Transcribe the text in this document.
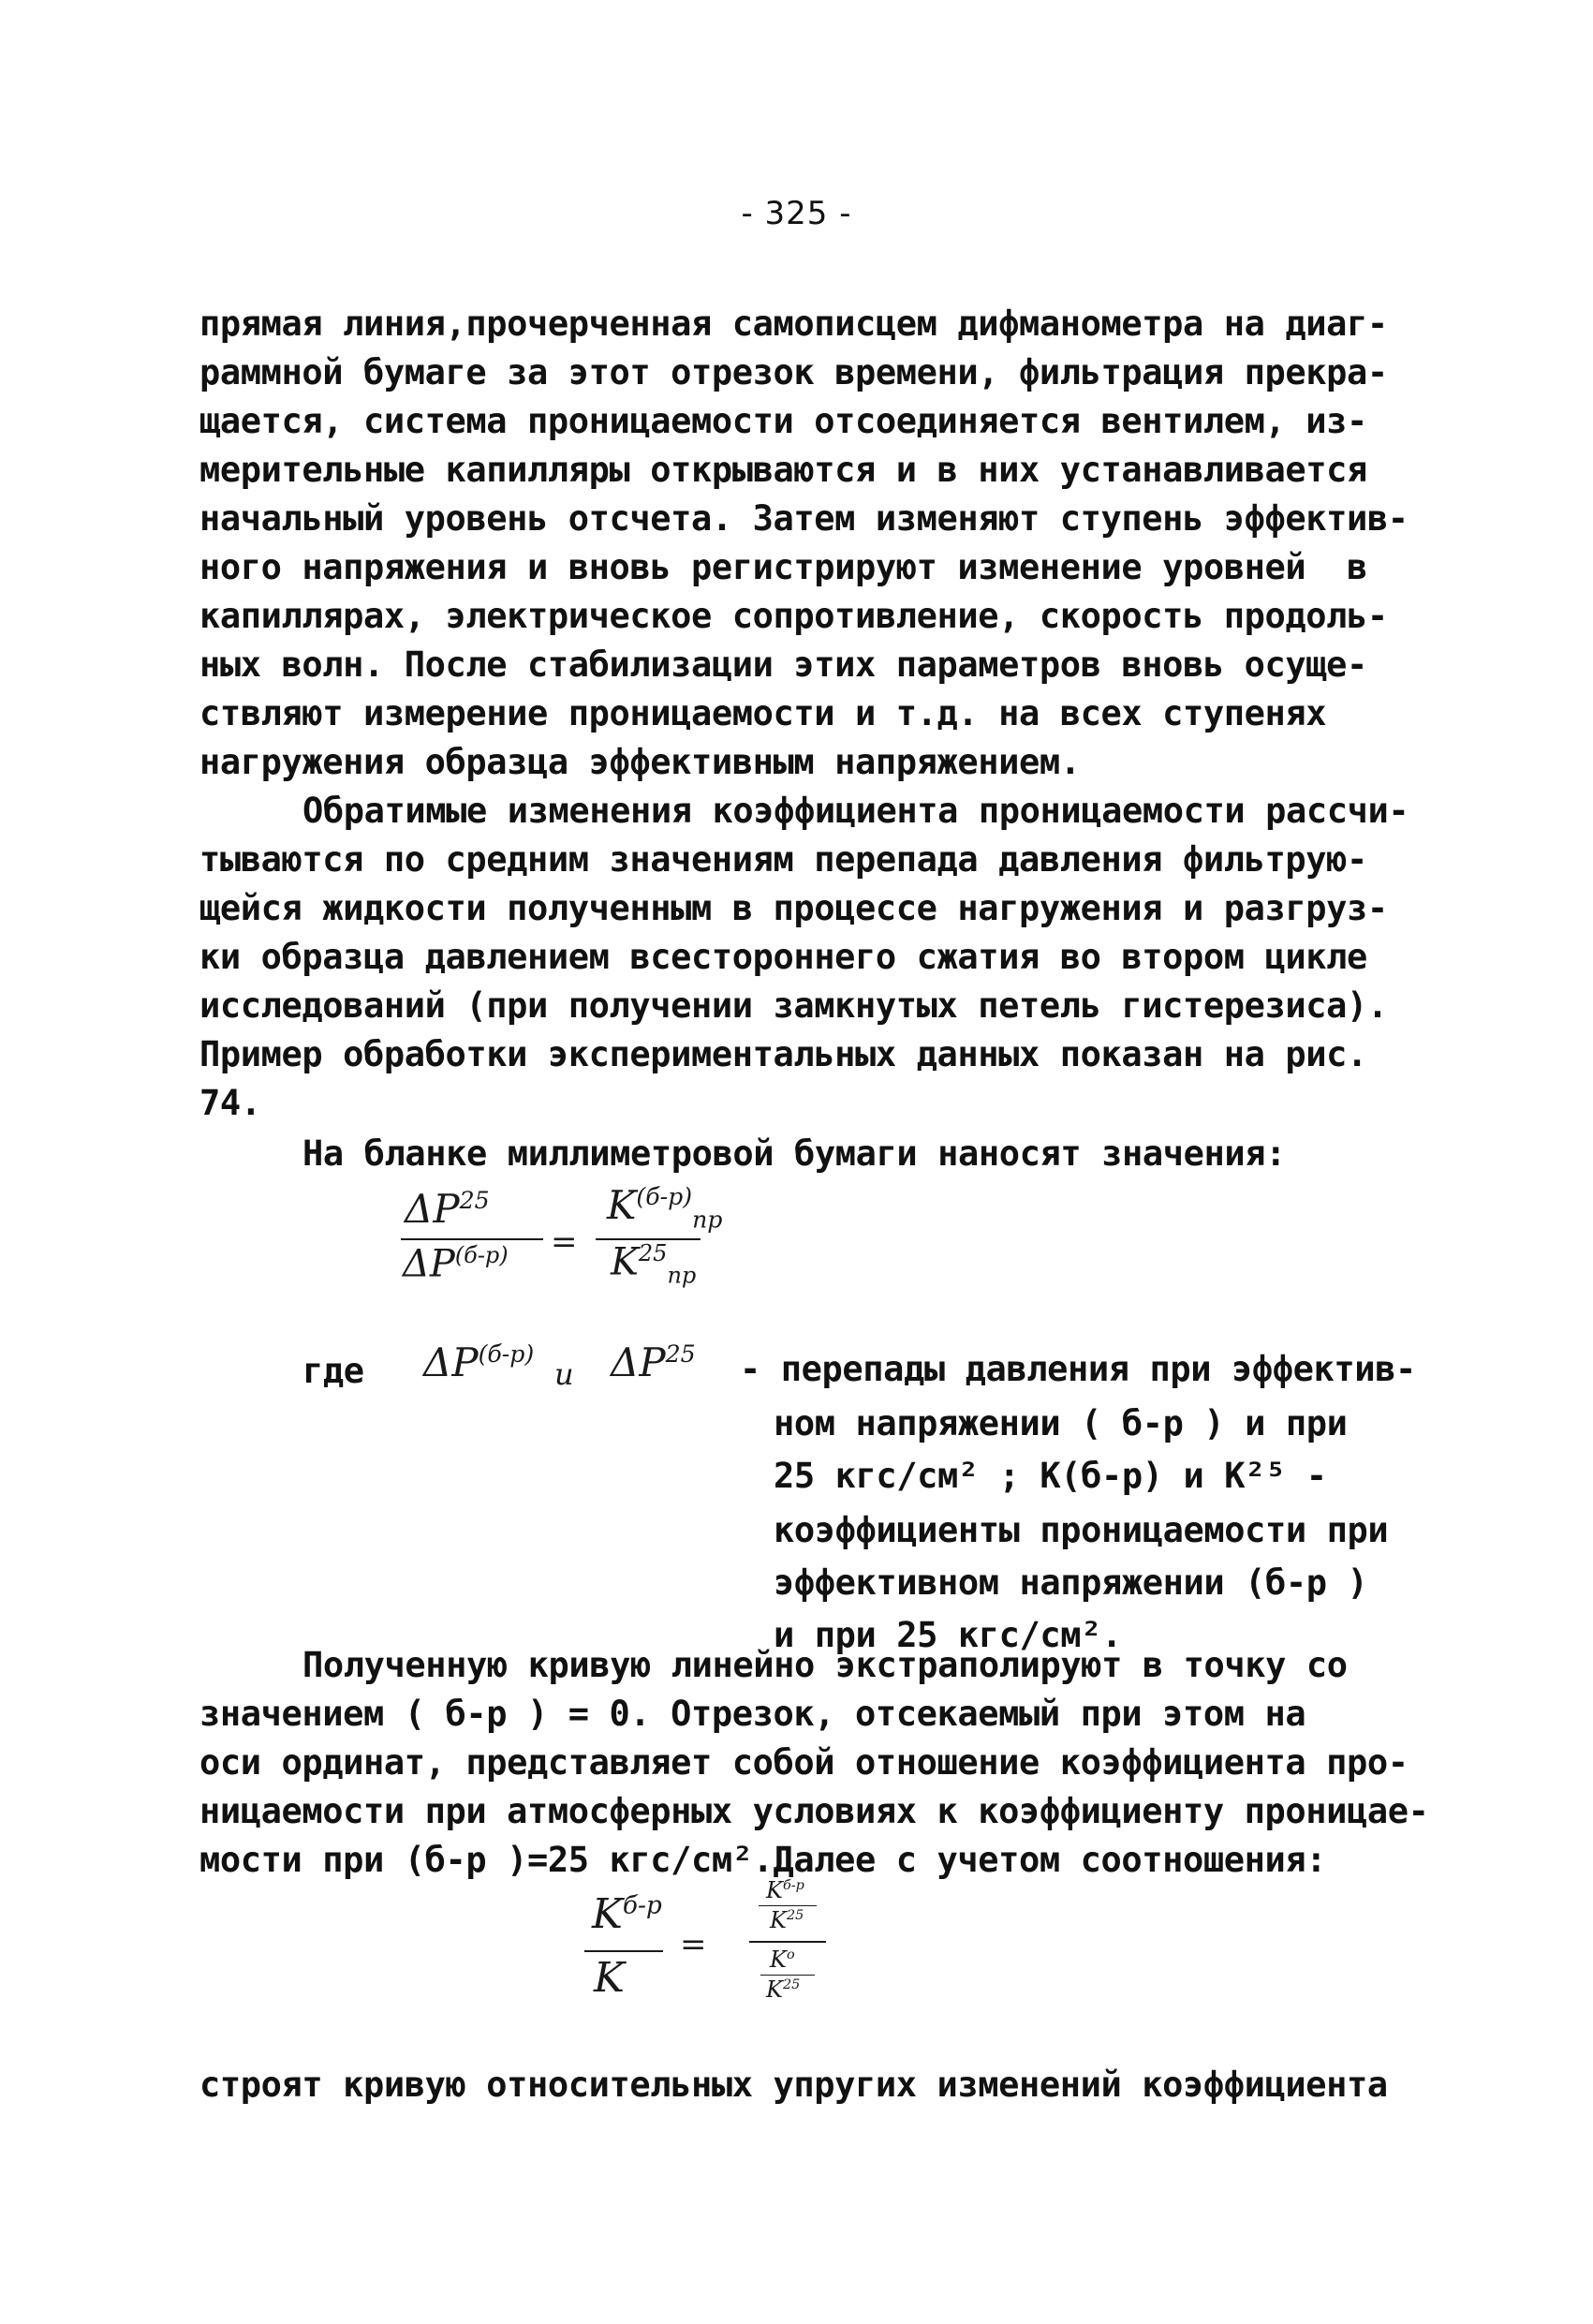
- 325 -
прямая линия,прочерченная самописцем дифманометра на диаг-
раммной бумаге за этот отрезок времени, фильтрация прекра-
щается, система проницаемости отсоединяется вентилем, из-
мерительные капилляры открываются и в них устанавливается
начальный уровень отсчета. Затем изменяют ступень эффектив-
ного напряжения и вновь регистрируют изменение уровней  в
капиллярах, электрическое сопротивление, скорость продоль-
ных волн. После стабилизации этих параметров вновь осуще-
ствляют измерение проницаемости и т.д. на всех ступенях
нагружения образца эффективным напряжением.
Обратимые изменения коэффициента проницаемости рассчи-
тываются по средним значениям перепада давления фильтрую-
щейся жидкости полученным в процессе нагружения и разгруз-
ки образца давлением всестороннего сжатия во втором цикле
исследований (при получении замкнутых петель гистерезиса).
Пример обработки экспериментальных данных показан на рис.
74.
На бланке миллиметровой бумаги наносят значения:
ΔP$^{25}$
$\Delta P^{(б-р)}$ =
$K^{(б-р)}_{пр}$
$K^{25}_{пр}$
где $\Delta P^{(б-р)}$
и ΔP$^{25}$ - перепады давления при эффектив-
ном напряжении ( б-р ) и при
25 кгс/см² ; K(б-р) и K²⁵ -
коэффициенты проницаемости при
эффективном напряжении (б-р )
и при 25 кгс/см².
Полученную кривую линейно экстраполируют в точку со
значением ( б-р ) = 0. Отрезок, отсекаемый при этом на
оси ординат, представляет собой отношение коэффициента про-
ницаемости при атмосферных условиях к коэффициенту проницае-
мости при (б-р )=25 кгс/см².Далее с учетом соотношения:
$K^{б-р}$
K
=
$K^{б-р}$
$K^{25}$
$K^o$
$K^{25}$
строят кривую относительных упругих изменений коэффициента
